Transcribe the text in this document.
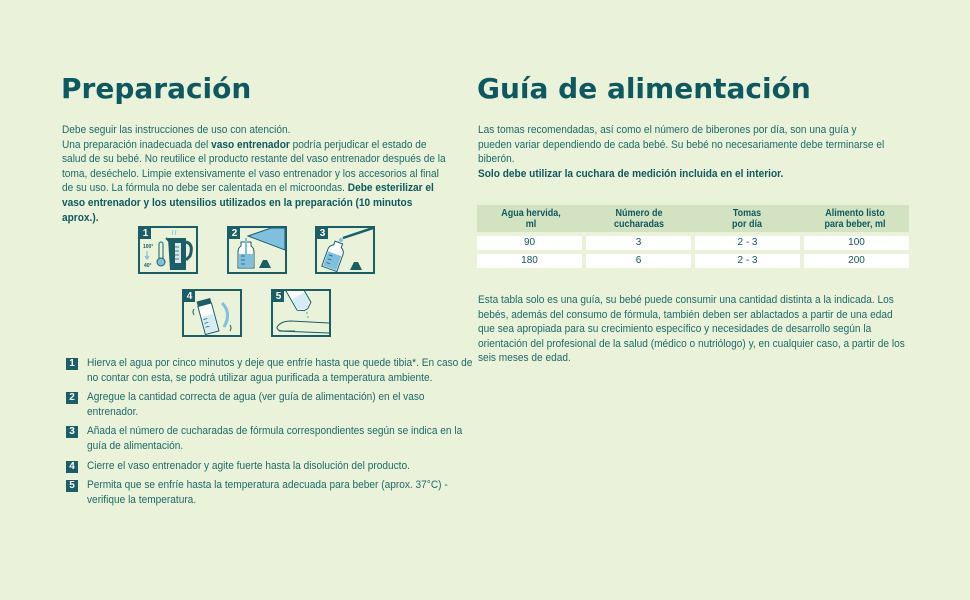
Preparación
Debe seguir las instrucciones de uso con atención.
Una preparación inadecuada del vaso entrenador podría perjudicar el estado de salud de su bebé. No reutilice el producto restante del vaso entrenador después de la toma, deséchelo. Limpie extensivamente el vaso entrenador y los accesorios al final de su uso. La fórmula no debe ser calentada en el microondas. Debe esterilizar el vaso entrenador y los utensilios utilizados en la preparación (10 minutos aprox.).
100°
40°
1	2	3
4	5
1 Hierva el agua por cinco minutos y deje que enfríe hasta que quede tibia*. En caso de no contar con esta, se podrá utilizar agua purificada a temperatura ambiente.
2 Agregue la cantidad correcta de agua (ver guía de alimentación) en el vaso entrenador.
3 Añada el número de cucharadas de fórmula correspondientes según se indica en la guía de alimentación.
4 Cierre el vaso entrenador y agite fuerte hasta la disolución del producto.
5 Permita que se enfríe hasta la temperatura adecuada para beber (aprox. 37°C) - verifique la temperatura.
Guía de alimentación
Las tomas recomendadas, así como el número de biberones por día, son una guía y pueden variar dependiendo de cada bebé. Su bebé no necesariamente debe terminarse el biberón.
Solo debe utilizar la cuchara de medición incluida en el interior.
Agua hervida,
ml
Número de
cucharadas
Tomas
por día
Alimento listo
para beber, ml
90	3	2 - 3	100
180	6	2 - 3	200
Esta tabla solo es una guía, su bebé puede consumir una cantidad distinta a la indicada. Los bebés, además del consumo de fórmula, también deben ser ablactados a partir de una edad que sea apropiada para su crecimiento específico y necesidades de desarrollo según la orientación del profesional de la salud (médico o nutriólogo) y, en cualquier caso, a partir de los seis meses de edad.
